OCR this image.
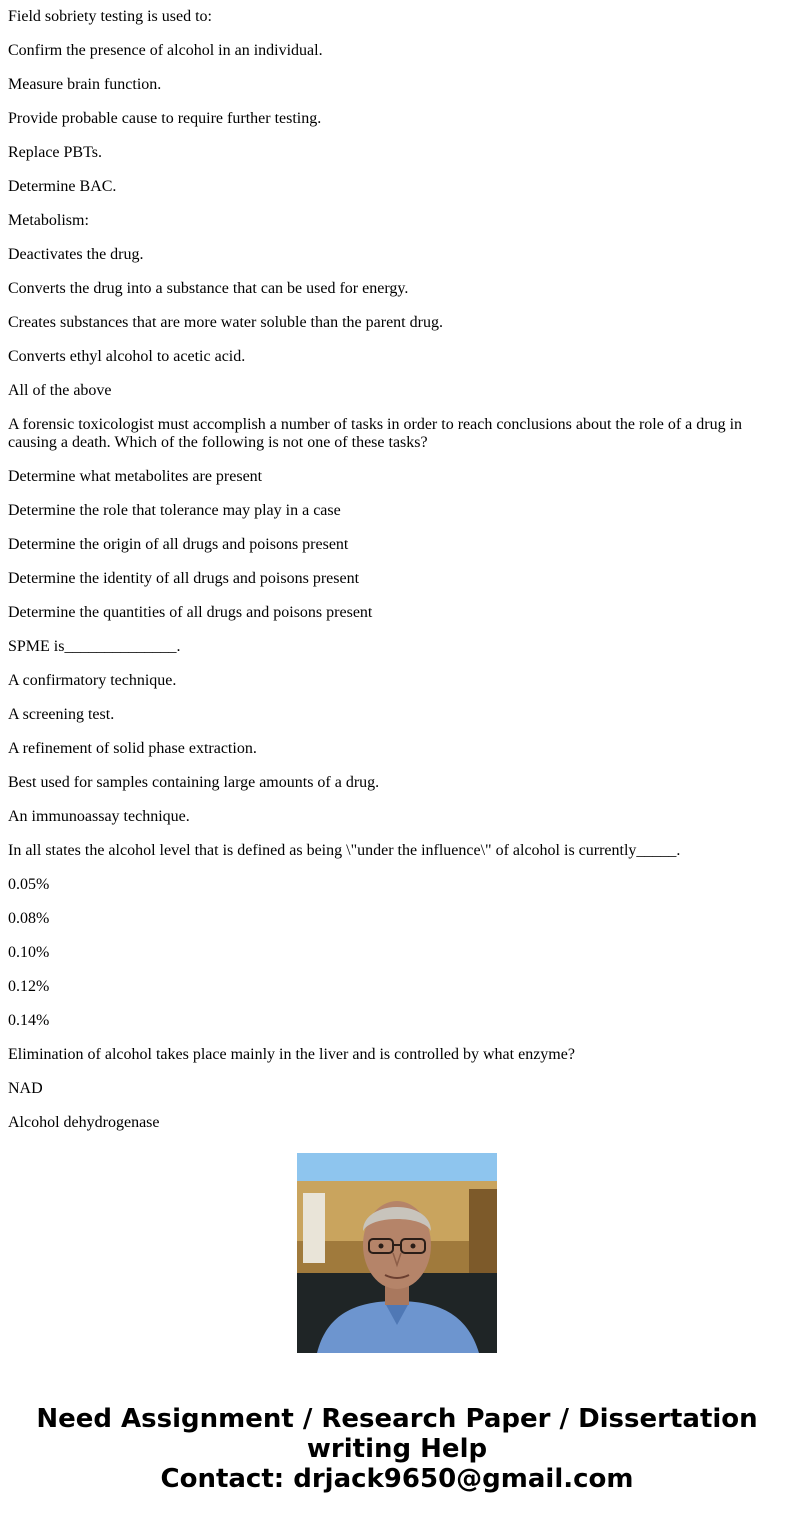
Field sobriety testing is used to:

Confirm the presence of alcohol in an individual.

Measure brain function.

Provide probable cause to require further testing.

Replace PBTs.

Determine BAC.

Metabolism:

Deactivates the drug.

Converts the drug into a substance that can be used for energy.

Creates substances that are more water soluble than the parent drug.

Converts ethyl alcohol to acetic acid.

All of the above

A forensic toxicologist must accomplish a number of tasks in order to reach conclusions about the role of a drug in causing a death. Which of the following is not one of these tasks?

Determine what metabolites are present

Determine the role that tolerance may play in a case

Determine the origin of all drugs and poisons present

Determine the identity of all drugs and poisons present

Determine the quantities of all drugs and poisons present

SPME is______________.

A confirmatory technique.

A screening test.

A refinement of solid phase extraction.

Best used for samples containing large amounts of a drug.

An immunoassay technique.

In all states the alcohol level that is defined as being \"under the influence\" of alcohol is currently_____.

0.05%

0.08%

0.10%

0.12%

0.14%

Elimination of alcohol takes place mainly in the liver and is controlled by what enzyme?

NAD

Alcohol dehydrogenase

Need Assignment / Research Paper / Dissertation
writing Help
Contact: drjack9650@gmail.com
